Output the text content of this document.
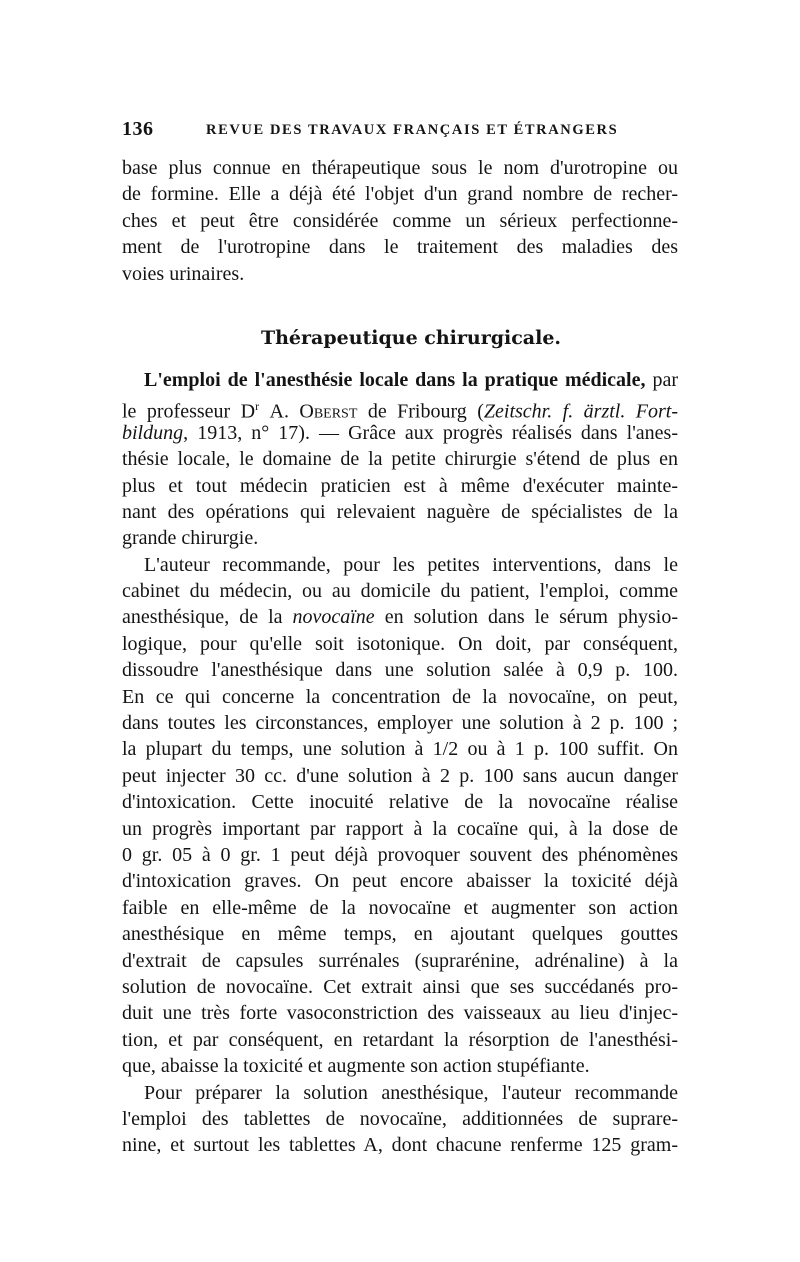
136	REVUE DES TRAVAUX FRANÇAIS ET ÉTRANGERS
base plus connue en thérapeutique sous le nom d'urotropine ou
de formine. Elle a déjà été l'objet d'un grand nombre de recher-
ches et peut être considérée comme un sérieux perfectionne-
ment de l'urotropine dans le traitement des maladies des
voies urinaires.
Thérapeutique chirurgicale.
L'emploi de l'anesthésie locale dans la pratique médicale, par
le professeur $D^r$ A. Oberst de Fribourg (Zeitschr. f. ärztl. Fort-
bildung, 1913, n° 17). — Grâce aux progrès réalisés dans l'anes-
thésie locale, le domaine de la petite chirurgie s'étend de plus en
plus et tout médecin praticien est à même d'exécuter mainte-
nant des opérations qui relevaient naguère de spécialistes de la
grande chirurgie.
L'auteur recommande, pour les petites interventions, dans le
cabinet du médecin, ou au domicile du patient, l'emploi, comme
anesthésique, de la novocaïne en solution dans le sérum physio-
logique, pour qu'elle soit isotonique. On doit, par conséquent,
dissoudre l'anesthésique dans une solution salée à 0,9 p. 100.
En ce qui concerne la concentration de la novocaïne, on peut,
dans toutes les circonstances, employer une solution à 2 p. 100 ;
la plupart du temps, une solution à 1/2 ou à 1 p. 100 suffit. On
peut injecter 30 cc. d'une solution à 2 p. 100 sans aucun danger
d'intoxication. Cette inocuité relative de la novocaïne réalise
un progrès important par rapport à la cocaïne qui, à la dose de
0 gr. 05 à 0 gr. 1 peut déjà provoquer souvent des phénomènes
d'intoxication graves. On peut encore abaisser la toxicité déjà
faible en elle-même de la novocaïne et augmenter son action
anesthésique en même temps, en ajoutant quelques gouttes
d'extrait de capsules surrénales (suprarénine, adrénaline) à la
solution de novocaïne. Cet extrait ainsi que ses succédanés pro-
duit une très forte vasoconstriction des vaisseaux au lieu d'injec-
tion, et par conséquent, en retardant la résorption de l'anesthési-
que, abaisse la toxicité et augmente son action stupéfiante.
Pour préparer la solution anesthésique, l'auteur recommande
l'emploi des tablettes de novocaïne, additionnées de suprare-
nine, et surtout les tablettes A, dont chacune renferme 125 gram-
